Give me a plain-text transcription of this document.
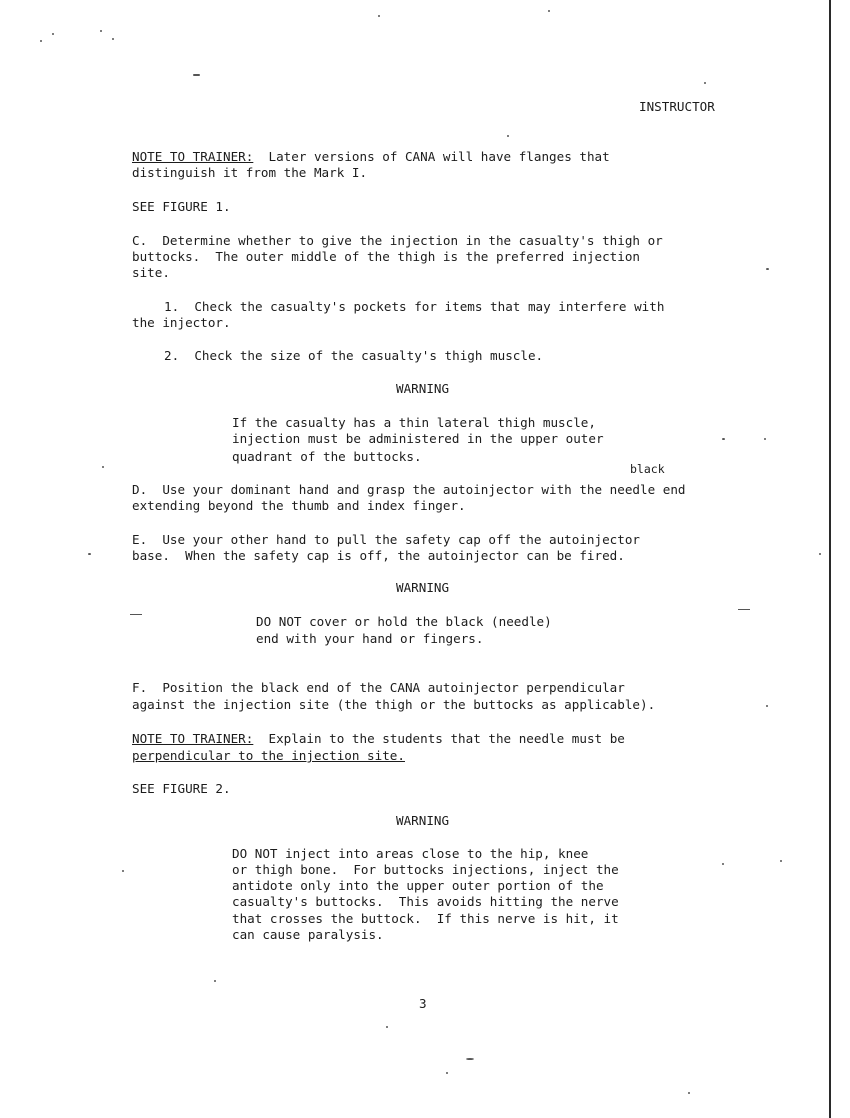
INSTRUCTOR
NOTE TO TRAINER: Later versions of CANA will have flanges that
distinguish it from the Mark I.
SEE FIGURE 1.
C.  Determine whether to give the injection in the casualty's thigh or
buttocks.  The outer middle of the thigh is the preferred injection
site.
1.  Check the casualty's pockets for items that may interfere with
the injector.
2.  Check the size of the casualty's thigh muscle.
WARNING
If the casualty has a thin lateral thigh muscle,
injection must be administered in the upper outer
quadrant of the buttocks.
black
D.  Use your dominant hand and grasp the autoinjector with the needle end
extending beyond the thumb and index finger.
E.  Use your other hand to pull the safety cap off the autoinjector
base.  When the safety cap is off, the autoinjector can be fired.
WARNING
DO NOT cover or hold the black (needle)
end with your hand or fingers.
F.  Position the black end of the CANA autoinjector perpendicular
against the injection site (the thigh or the buttocks as applicable).
NOTE TO TRAINER: Explain to the students that the needle must be
perpendicular to the injection site.
SEE FIGURE 2.
WARNING
DO NOT inject into areas close to the hip, knee
or thigh bone.  For buttocks injections, inject the
antidote only into the upper outer portion of the
casualty's buttocks.  This avoids hitting the nerve
that crosses the buttock.  If this nerve is hit, it
can cause paralysis.
3
